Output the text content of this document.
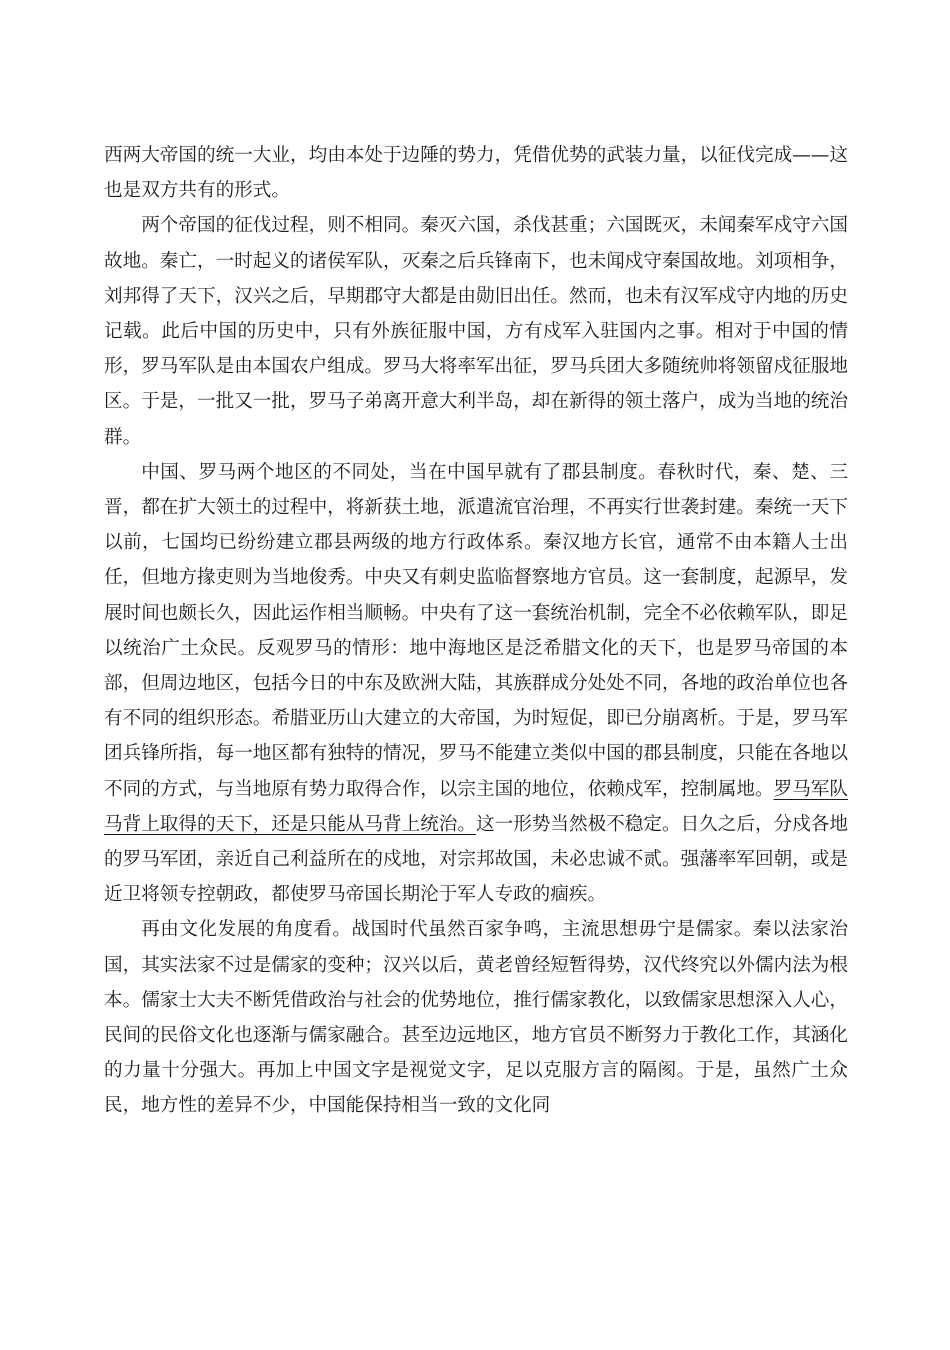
西两大帝国的统一大业，均由本处于边陲的势力，凭借优势的武装力量，以征伐完成——这也是双方共有的形式。

两个帝国的征伐过程，则不相同。秦灭六国，杀伐甚重；六国既灭，未闻秦军戍守六国故地。秦亡，一时起义的诸侯军队，灭秦之后兵锋南下，也未闻戍守秦国故地。刘项相争，刘邦得了天下，汉兴之后，早期郡守大都是由勋旧出任。然而，也未有汉军戍守内地的历史记载。此后中国的历史中，只有外族征服中国，方有戍军入驻国内之事。相对于中国的情形，罗马军队是由本国农户组成。罗马大将率军出征，罗马兵团大多随统帅将领留戍征服地区。于是，一批又一批，罗马子弟离开意大利半岛，却在新得的领土落户，成为当地的统治群。

中国、罗马两个地区的不同处，当在中国早就有了郡县制度。春秋时代，秦、楚、三晋，都在扩大领土的过程中，将新获土地，派遣流官治理，不再实行世袭封建。秦统一天下以前，七国均已纷纷建立郡县两级的地方行政体系。秦汉地方长官，通常不由本籍人士出任，但地方掾吏则为当地俊秀。中央又有刺史监临督察地方官员。这一套制度，起源早，发展时间也颇长久，因此运作相当顺畅。中央有了这一套统治机制，完全不必依赖军队，即足以统治广土众民。反观罗马的情形：地中海地区是泛希腊文化的天下，也是罗马帝国的本部，但周边地区，包括今日的中东及欧洲大陆，其族群成分处处不同，各地的政治单位也各有不同的组织形态。希腊亚历山大建立的大帝国，为时短促，即已分崩离析。于是，罗马军团兵锋所指，每一地区都有独特的情况，罗马不能建立类似中国的郡县制度，只能在各地以不同的方式，与当地原有势力取得合作，以宗主国的地位，依赖戍军，控制属地。罗马军队马背上取得的天下，还是只能从马背上统治。这一形势当然极不稳定。日久之后，分戍各地的罗马军团，亲近自己利益所在的戍地，对宗邦故国，未必忠诚不贰。强藩率军回朝，或是近卫将领专控朝政，都使罗马帝国长期沦于军人专政的痼疾。

再由文化发展的角度看。战国时代虽然百家争鸣，主流思想毋宁是儒家。秦以法家治国，其实法家不过是儒家的变种；汉兴以后，黄老曾经短暂得势，汉代终究以外儒内法为根本。儒家士大夫不断凭借政治与社会的优势地位，推行儒家教化，以致儒家思想深入人心，民间的民俗文化也逐渐与儒家融合。甚至边远地区，地方官员不断努力于教化工作，其涵化的力量十分强大。再加上中国文字是视觉文字，足以克服方言的隔阂。于是，虽然广土众民，地方性的差异不少，中国能保持相当一致的文化同
